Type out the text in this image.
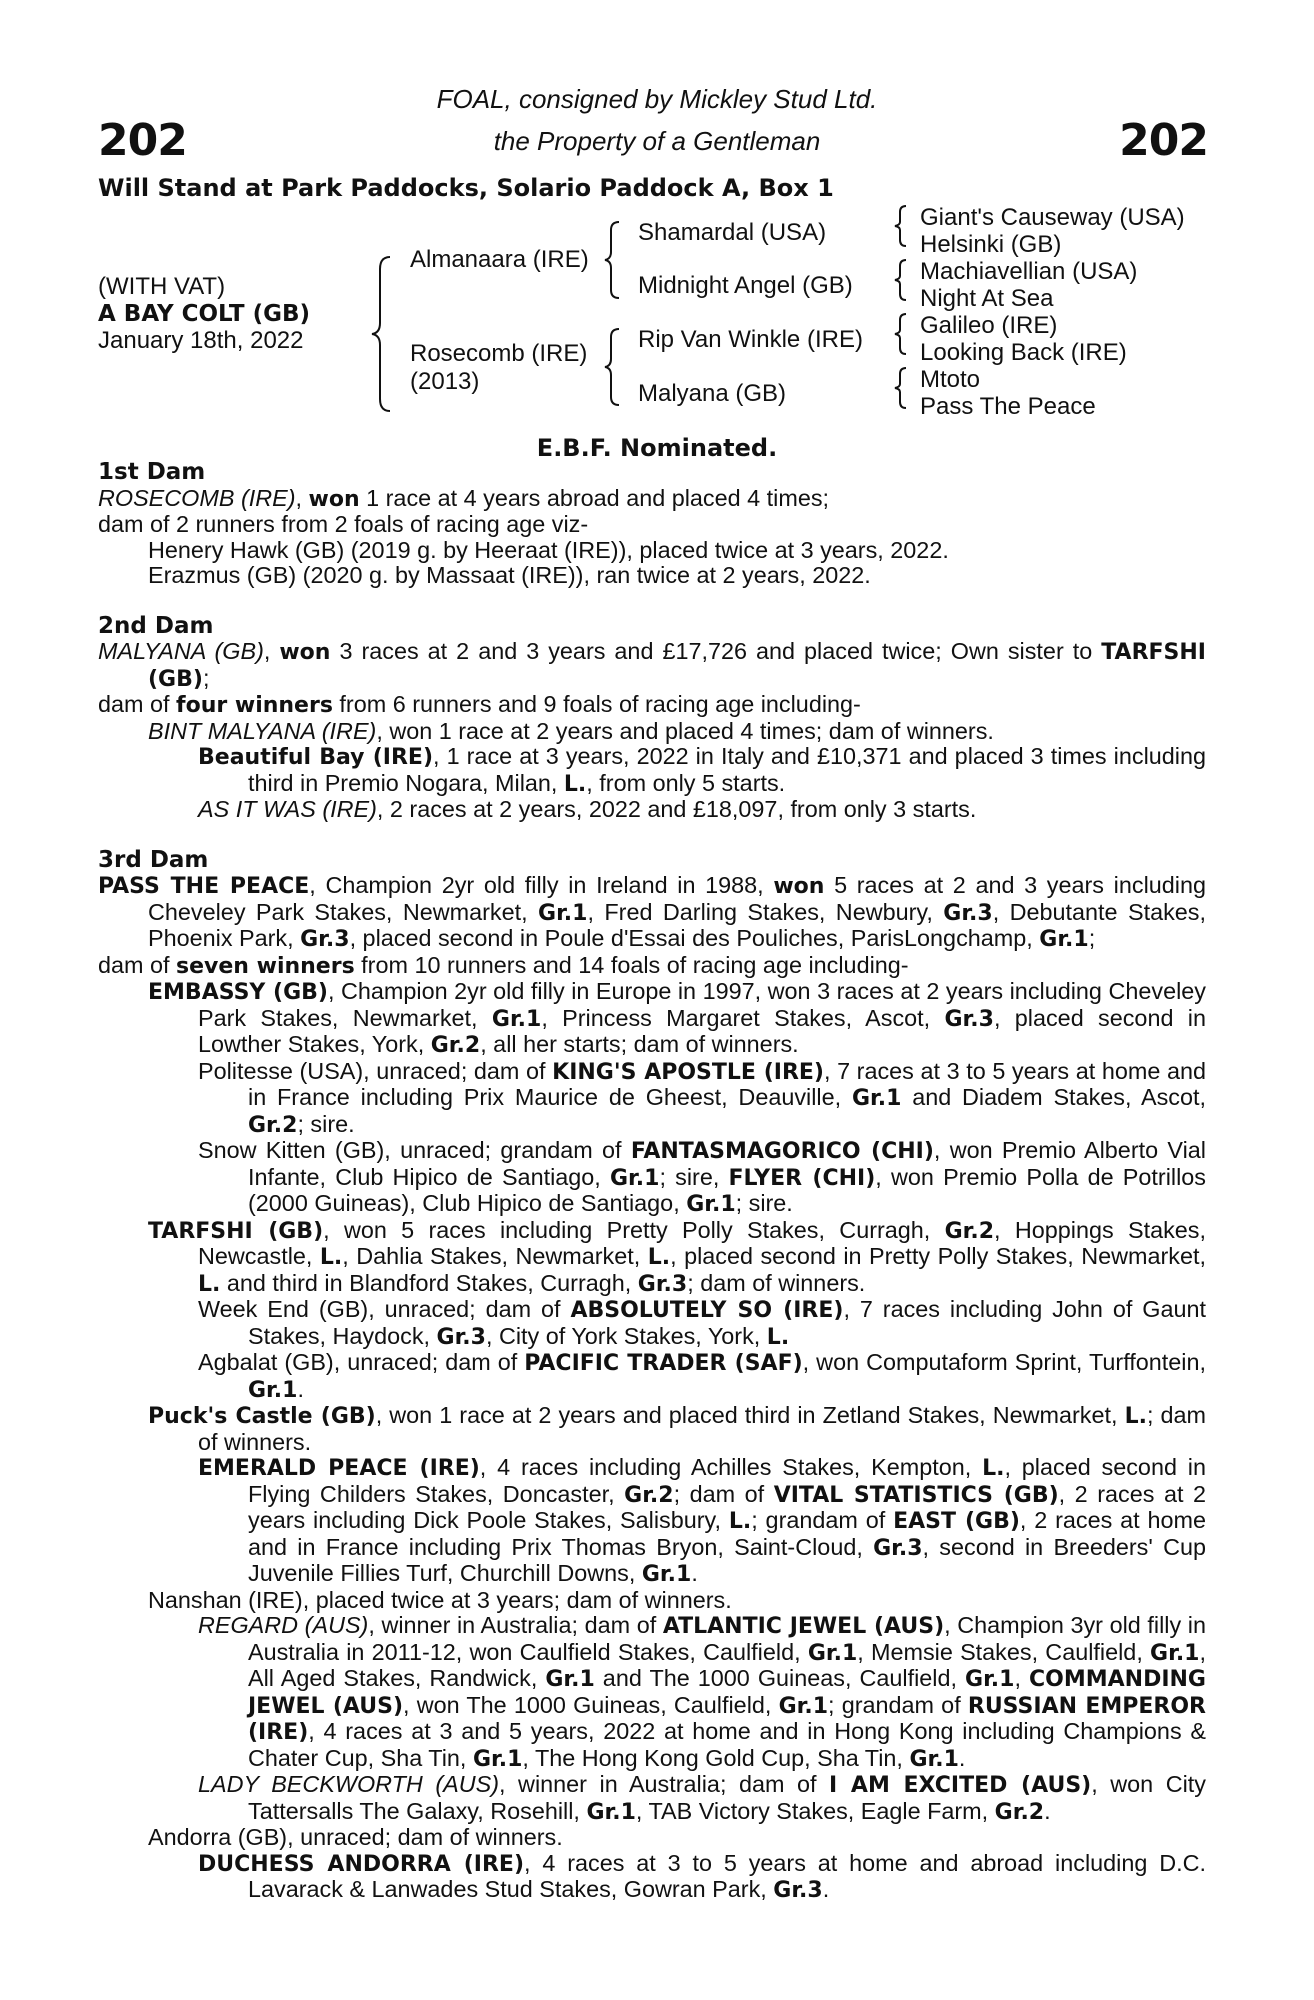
202	202
FOAL, consigned by Mickley Stud Ltd.
the Property of a Gentleman
Will Stand at Park Paddocks, Solario Paddock A, Box 1
(WITH VAT)
A BAY COLT (GB)
January 18th, 2022
Almanaara (IRE)
Rosecomb (IRE)
(2013)
Shamardal (USA)
Midnight Angel (GB)
Rip Van Winkle (IRE)
Malyana (GB)
Giant's Causeway (USA)
Helsinki (GB)
Machiavellian (USA)
Night At Sea
Galileo (IRE)
Looking Back (IRE)
Mtoto
Pass The Peace
E.B.F. Nominated.
1st Dam
ROSECOMB (IRE), won 1 race at 4 years abroad and placed 4 times;
dam of 2 runners from 2 foals of racing age viz-
Henery Hawk (GB) (2019 g. by Heeraat (IRE)), placed twice at 3 years, 2022.
Erazmus (GB) (2020 g. by Massaat (IRE)), ran twice at 2 years, 2022.
2nd Dam
MALYANA (GB), won 3 races at 2 and 3 years and £17,726 and placed twice; Own sister to TARFSHI (GB);
dam of four winners from 6 runners and 9 foals of racing age including-
BINT MALYANA (IRE), won 1 race at 2 years and placed 4 times; dam of winners.
Beautiful Bay (IRE), 1 race at 3 years, 2022 in Italy and £10,371 and placed 3 times including third in Premio Nogara, Milan, L., from only 5 starts.
AS IT WAS (IRE), 2 races at 2 years, 2022 and £18,097, from only 3 starts.
3rd Dam
PASS THE PEACE, Champion 2yr old filly in Ireland in 1988, won 5 races at 2 and 3 years including Cheveley Park Stakes, Newmarket, Gr.1, Fred Darling Stakes, Newbury, Gr.3, Debutante Stakes, Phoenix Park, Gr.3, placed second in Poule d'Essai des Pouliches, ParisLongchamp, Gr.1;
dam of seven winners from 10 runners and 14 foals of racing age including-
EMBASSY (GB), Champion 2yr old filly in Europe in 1997, won 3 races at 2 years including Cheveley Park Stakes, Newmarket, Gr.1, Princess Margaret Stakes, Ascot, Gr.3, placed second in Lowther Stakes, York, Gr.2, all her starts; dam of winners.
Politesse (USA), unraced; dam of KING'S APOSTLE (IRE), 7 races at 3 to 5 years at home and in France including Prix Maurice de Gheest, Deauville, Gr.1 and Diadem Stakes, Ascot, Gr.2; sire.
Snow Kitten (GB), unraced; grandam of FANTASMAGORICO (CHI), won Premio Alberto Vial Infante, Club Hipico de Santiago, Gr.1; sire, FLYER (CHI), won Premio Polla de Potrillos (2000 Guineas), Club Hipico de Santiago, Gr.1; sire.
TARFSHI (GB), won 5 races including Pretty Polly Stakes, Curragh, Gr.2, Hoppings Stakes, Newcastle, L., Dahlia Stakes, Newmarket, L., placed second in Pretty Polly Stakes, Newmarket, L. and third in Blandford Stakes, Curragh, Gr.3; dam of winners.
Week End (GB), unraced; dam of ABSOLUTELY SO (IRE), 7 races including John of Gaunt Stakes, Haydock, Gr.3, City of York Stakes, York, L.
Agbalat (GB), unraced; dam of PACIFIC TRADER (SAF), won Computaform Sprint, Turffontein, Gr.1.
Puck's Castle (GB), won 1 race at 2 years and placed third in Zetland Stakes, Newmarket, L.; dam of winners.
EMERALD PEACE (IRE), 4 races including Achilles Stakes, Kempton, L., placed second in Flying Childers Stakes, Doncaster, Gr.2; dam of VITAL STATISTICS (GB), 2 races at 2 years including Dick Poole Stakes, Salisbury, L.; grandam of EAST (GB), 2 races at home and in France including Prix Thomas Bryon, Saint-Cloud, Gr.3, second in Breeders' Cup Juvenile Fillies Turf, Churchill Downs, Gr.1.
Nanshan (IRE), placed twice at 3 years; dam of winners.
REGARD (AUS), winner in Australia; dam of ATLANTIC JEWEL (AUS), Champion 3yr old filly in Australia in 2011-12, won Caulfield Stakes, Caulfield, Gr.1, Memsie Stakes, Caulfield, Gr.1, All Aged Stakes, Randwick, Gr.1 and The 1000 Guineas, Caulfield, Gr.1, COMMANDING JEWEL (AUS), won The 1000 Guineas, Caulfield, Gr.1; grandam of RUSSIAN EMPEROR (IRE), 4 races at 3 and 5 years, 2022 at home and in Hong Kong including Champions & Chater Cup, Sha Tin, Gr.1, The Hong Kong Gold Cup, Sha Tin, Gr.1.
LADY BECKWORTH (AUS), winner in Australia; dam of I AM EXCITED (AUS), won City Tattersalls The Galaxy, Rosehill, Gr.1, TAB Victory Stakes, Eagle Farm, Gr.2.
Andorra (GB), unraced; dam of winners.
DUCHESS ANDORRA (IRE), 4 races at 3 to 5 years at home and abroad including D.C. Lavarack & Lanwades Stud Stakes, Gowran Park, Gr.3.
